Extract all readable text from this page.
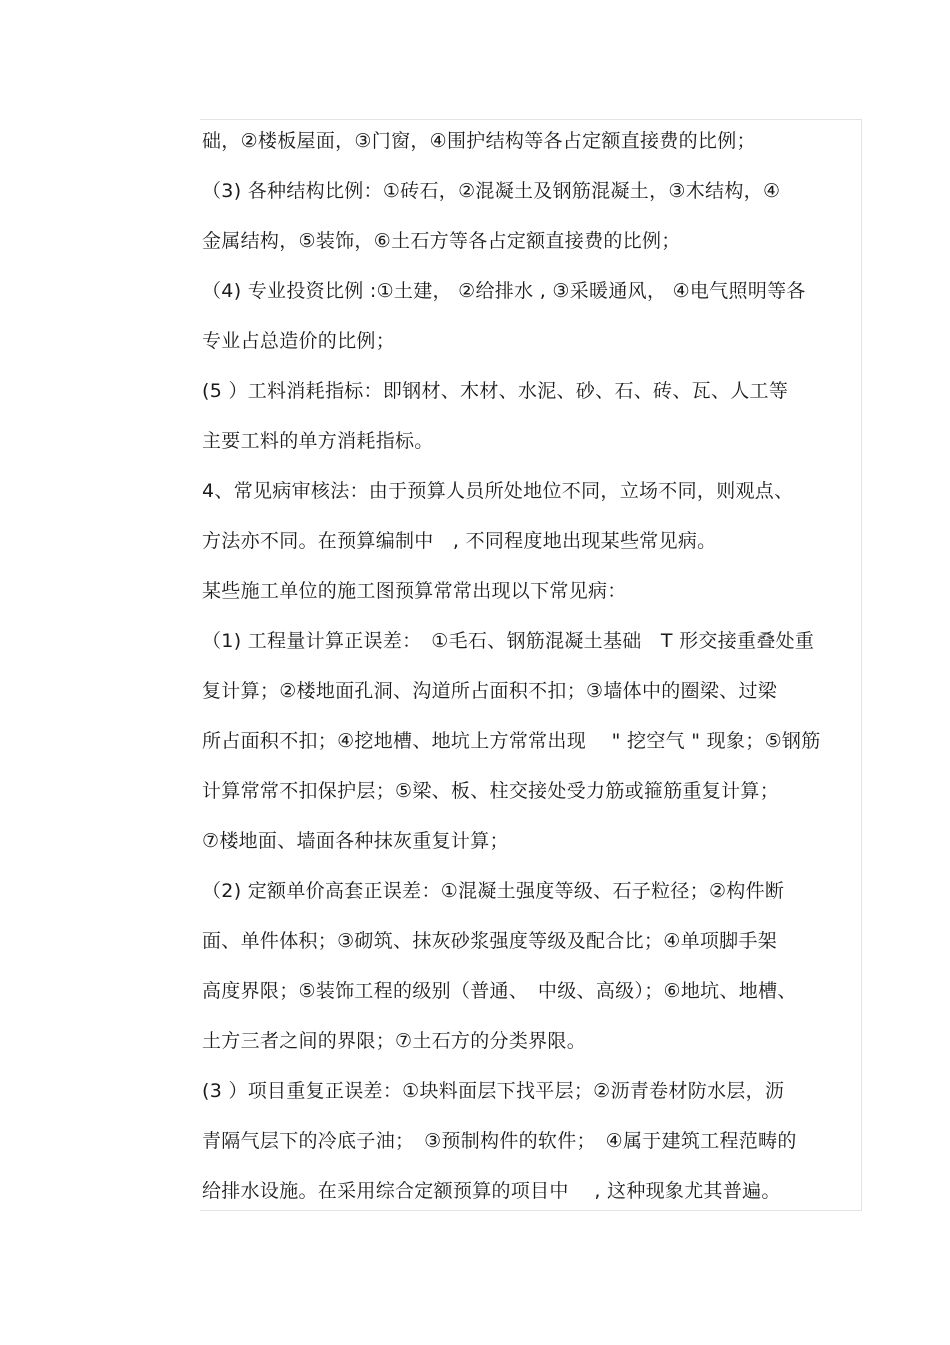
础，②楼板屋面，③门窗，④围护结构等各占定额直接费的比例；
（3) 各种结构比例：①砖石，②混凝土及钢筋混凝土，③木结构，④
金属结构，⑤装饰，⑥土石方等各占定额直接费的比例；
（4) 专业投资比例 :①土建， ②给排水 , ③采暖通风， ④电气照明等各
专业占总造价的比例；
(5 ）工料消耗指标：即钢材、木材、水泥、砂、石、砖、瓦、人工等
主要工料的单方消耗指标。
4、常见病审核法：由于预算人员所处地位不同，立场不同，则观点、
方法亦不同。在预算编制中　, 不同程度地出现某些常见病。
某些施工单位的施工图预算常常出现以下常见病：
（1) 工程量计算正误差：　①毛石、钢筋混凝土基础　T 形交接重叠处重
复计算；②楼地面孔洞、沟道所占面积不扣；③墙体中的圈梁、过梁
所占面积不扣；④挖地槽、地坑上方常常出现　 " 挖空气 " 现象；⑤钢筋
计算常常不扣保护层；⑤梁、板、柱交接处受力筋或箍筋重复计算；
⑦楼地面、墙面各种抹灰重复计算；
（2) 定额单价高套正误差：①混凝土强度等级、石子粒径；②构件断
面、单件体积；③砌筑、抹灰砂浆强度等级及配合比；④单项脚手架
高度界限；⑤装饰工程的级别（普通、　中级、高级）；⑥地坑、地槽、
土方三者之间的界限；⑦土石方的分类界限。
(3 ）项目重复正误差：①块料面层下找平层；②沥青卷材防水层，沥
青隔气层下的冷底子油；　③预制构件的软件；　④属于建筑工程范畴的
给排水设施。在采用综合定额预算的项目中　 , 这种现象尤其普遍。
